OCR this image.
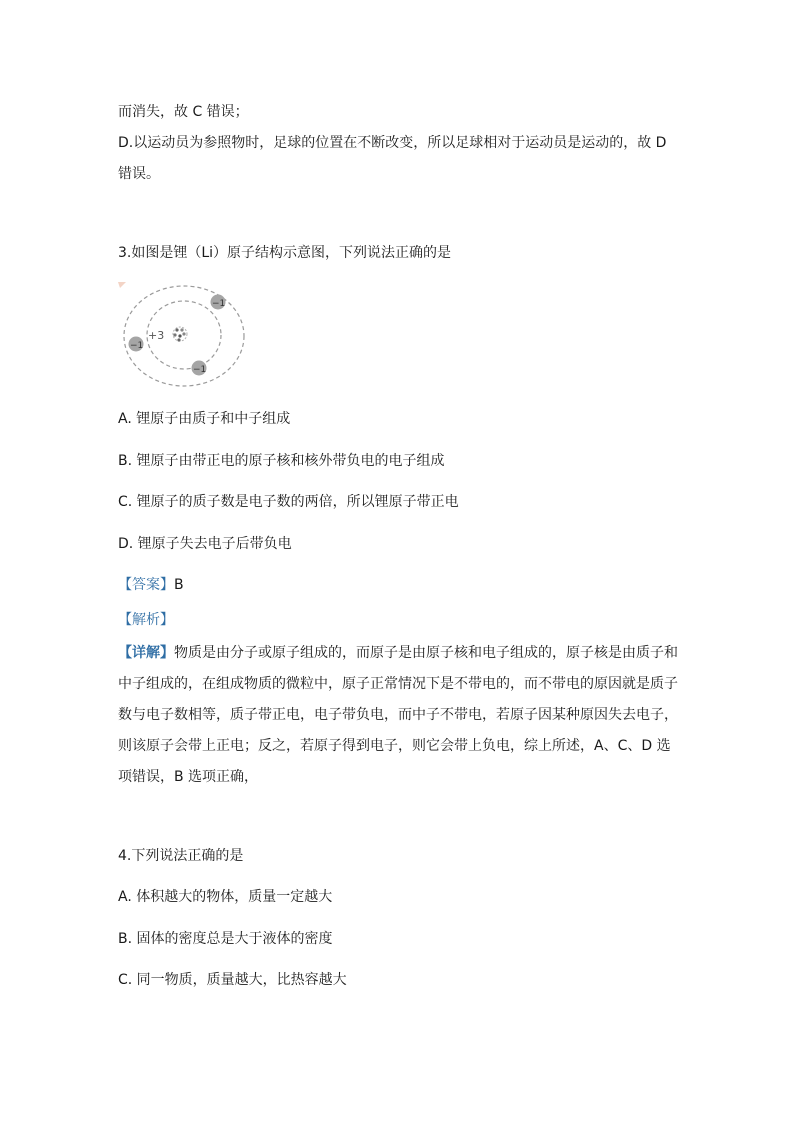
而消失，故 C 错误；
D.以运动员为参照物时，足球的位置在不断改变，所以足球相对于运动员是运动的，故 D
错误。
3.如图是锂（Li）原子结构示意图，下列说法正确的是
+3
−1
−1
−1
A. 锂原子由质子和中子组成
B. 锂原子由带正电的原子核和核外带负电的电子组成
C. 锂原子的质子数是电子数的两倍，所以锂原子带正电
D. 锂原子失去电子后带负电
【答案】B
【解析】
【详解】物质是由分子或原子组成的，而原子是由原子核和电子组成的，原子核是由质子和
中子组成的，在组成物质的微粒中，原子正常情况下是不带电的，而不带电的原因就是质子
数与电子数相等，质子带正电，电子带负电，而中子不带电，若原子因某种原因失去电子，
则该原子会带上正电；反之，若原子得到电子，则它会带上负电，综上所述，A、C、D 选
项错误，B 选项正确，
4.下列说法正确的是
A. 体积越大的物体，质量一定越大
B. 固体的密度总是大于液体的密度
C. 同一物质，质量越大，比热容越大
